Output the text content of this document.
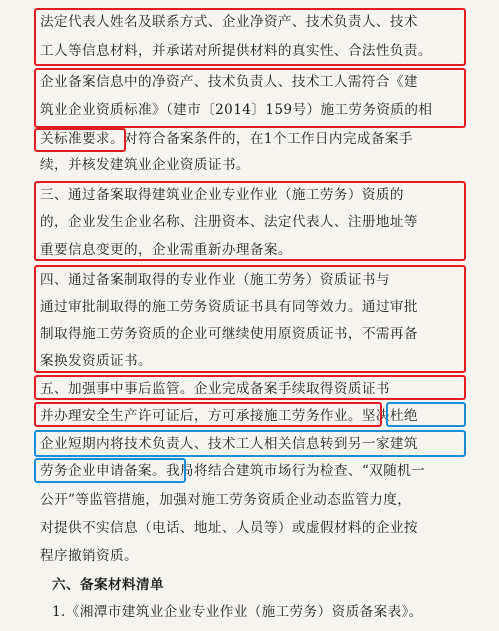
法定代表人姓名及联系方式、企业净资产、技术负责人、技术
工人等信息材料，并承诺对所提供材料的真实性、合法性负责。
企业备案信息中的净资产、技术负责人、技术工人需符合《建
筑业企业资质标准》（建市〔2014〕159号）施工劳务资质的相
关标准要求。对符合备案条件的，在1个工作日内完成备案手
续，并核发建筑业企业资质证书。
三、通过备案取得建筑业企业专业作业（施工劳务）资质的
的，企业发生企业名称、注册资本、法定代表人、注册地址等
重要信息变更的，企业需重新办理备案。
四、通过备案制取得的专业作业（施工劳务）资质证书与
通过审批制取得的施工劳务资质证书具有同等效力。通过审批
制取得施工劳务资质的企业可继续使用原资质证书，不需再备
案换发资质证书。
五、加强事中事后监管。企业完成备案手续取得资质证书
并办理安全生产许可证后，方可承接施工劳务作业。坚决杜绝
企业短期内将技术负责人、技术工人相关信息转到另一家建筑
劳务企业申请备案。我局将结合建筑市场行为检查、“双随机一
公开”等监管措施，加强对施工劳务资质企业动态监管力度，
对提供不实信息（电话、地址、人员等）或虚假材料的企业按
程序撤销资质。
六、备案材料清单
1.《湘潭市建筑业企业专业作业（施工劳务）资质备案表》。
